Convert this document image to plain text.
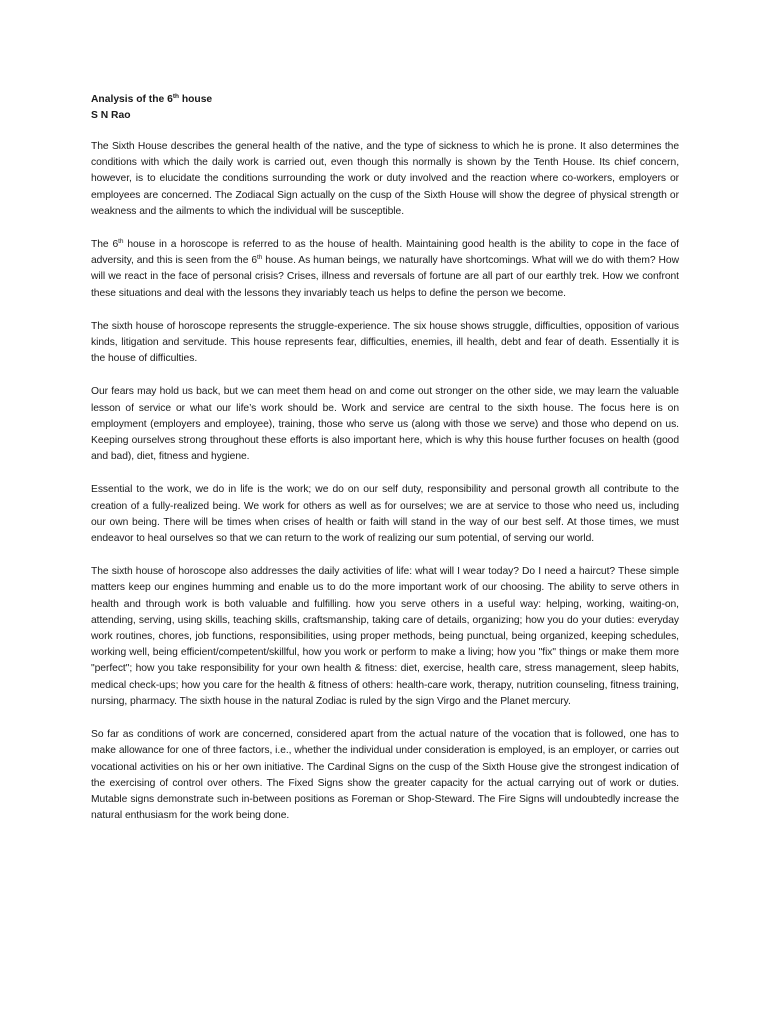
Analysis of the 6th house

S N Rao

The Sixth House describes the general health of the native, and the type of sickness to which he is prone. It also determines the conditions with which the daily work is carried out, even though this normally is shown by the Tenth House. Its chief concern, however, is to elucidate the conditions surrounding the work or duty involved and the reaction where co-workers, employers or employees are concerned. The Zodiacal Sign actually on the cusp of the Sixth House will show the degree of physical strength or weakness and the ailments to which the individual will be susceptible.

The 6th house in a horoscope is referred to as the house of health. Maintaining good health is the ability to cope in the face of adversity, and this is seen from the 6th house. As human beings, we naturally have shortcomings. What will we do with them? How will we react in the face of personal crisis? Crises, illness and reversals of fortune are all part of our earthly trek. How we confront these situations and deal with the lessons they invariably teach us helps to define the person we become.

The sixth house of horoscope represents the struggle-experience. The six house shows struggle, difficulties, opposition of various kinds, litigation and servitude. This house represents fear, difficulties, enemies, ill health, debt and fear of death. Essentially it is the house of difficulties.

Our fears may hold us back, but we can meet them head on and come out stronger on the other side, we may learn the valuable lesson of service or what our life’s work should be. Work and service are central to the sixth house. The focus here is on employment (employers and employee), training, those who serve us (along with those we serve) and those who depend on us. Keeping ourselves strong throughout these efforts is also important here, which is why this house further focuses on health (good and bad), diet, fitness and hygiene.

Essential to the work, we do in life is the work; we do on our self duty, responsibility and personal growth all contribute to the creation of a fully-realized being. We work for others as well as for ourselves; we are at service to those who need us, including our own being. There will be times when crises of health or faith will stand in the way of our best self. At those times, we must endeavor to heal ourselves so that we can return to the work of realizing our sum potential, of serving our world.

The sixth house of horoscope also addresses the daily activities of life: what will I wear today? Do I need a haircut? These simple matters keep our engines humming and enable us to do the more important work of our choosing. The ability to serve others in health and through work is both valuable and fulfilling. how you serve others in a useful way: helping, working, waiting-on, attending, serving, using skills, teaching skills, craftsmanship, taking care of details, organizing; how you do your duties: everyday work routines, chores, job functions, responsibilities, using proper methods, being punctual, being organized, keeping schedules, working well, being efficient/competent/skillful, how you work or perform to make a living; how you "fix" things or make them more "perfect"; how you take responsibility for your own health & fitness: diet, exercise, health care, stress management, sleep habits, medical check-ups; how you care for the health & fitness of others: health-care work, therapy, nutrition counseling, fitness training, nursing, pharmacy. The sixth house in the natural Zodiac is ruled by the sign Virgo and the Planet mercury.

So far as conditions of work are concerned, considered apart from the actual nature of the vocation that is followed, one has to make allowance for one of three factors, i.e., whether the individual under consideration is employed, is an employer, or carries out vocational activities on his or her own initiative. The Cardinal Signs on the cusp of the Sixth House give the strongest indication of the exercising of control over others. The Fixed Signs show the greater capacity for the actual carrying out of work or duties. Mutable signs demonstrate such in-between positions as Foreman or Shop-Steward. The Fire Signs will undoubtedly increase the natural enthusiasm for the work being done.
